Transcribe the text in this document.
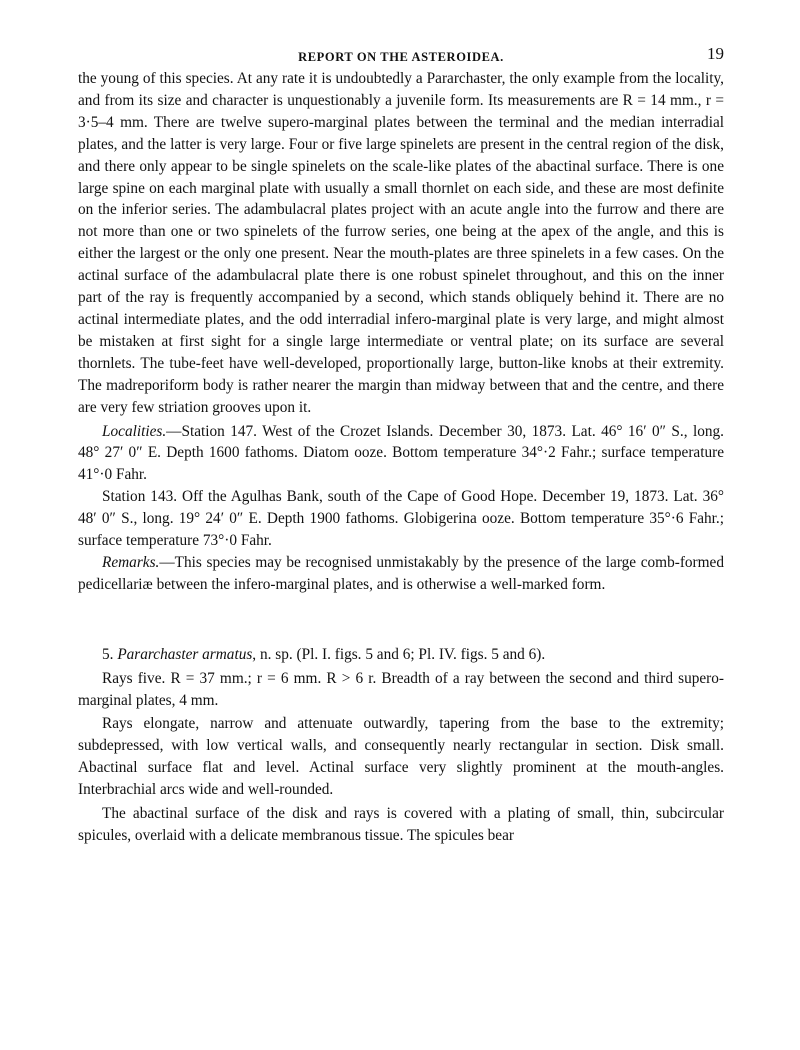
REPORT ON THE ASTEROIDEA.	19

the young of this species. At any rate it is undoubtedly a Pararchaster, the only example from the locality, and from its size and character is unquestionably a juvenile form. Its measurements are R = 14 mm., r = 3·5–4 mm. There are twelve supero-marginal plates between the terminal and the median interradial plates, and the latter is very large. Four or five large spinelets are present in the central region of the disk, and there only appear to be single spinelets on the scale-like plates of the abactinal surface. There is one large spine on each marginal plate with usually a small thornlet on each side, and these are most definite on the inferior series. The adambulacral plates project with an acute angle into the furrow and there are not more than one or two spinelets of the furrow series, one being at the apex of the angle, and this is either the largest or the only one present. Near the mouth-plates are three spinelets in a few cases. On the actinal surface of the adambulacral plate there is one robust spinelet throughout, and this on the inner part of the ray is frequently accompanied by a second, which stands obliquely behind it. There are no actinal intermediate plates, and the odd interradial infero-marginal plate is very large, and might almost be mistaken at first sight for a single large intermediate or ventral plate; on its surface are several thornlets. The tube-feet have well-developed, proportionally large, button-like knobs at their extremity. The madreporiform body is rather nearer the margin than midway between that and the centre, and there are very few striation grooves upon it.

Localities.—Station 147. West of the Crozet Islands. December 30, 1873. Lat. 46° 16′ 0″ S., long. 48° 27′ 0″ E. Depth 1600 fathoms. Diatom ooze. Bottom temperature 34°·2 Fahr.; surface temperature 41°·0 Fahr.

Station 143. Off the Agulhas Bank, south of the Cape of Good Hope. December 19, 1873. Lat. 36° 48′ 0″ S., long. 19° 24′ 0″ E. Depth 1900 fathoms. Globigerina ooze. Bottom temperature 35°·6 Fahr.; surface temperature 73°·0 Fahr.

Remarks.—This species may be recognised unmistakably by the presence of the large comb-formed pedicellariæ between the infero-marginal plates, and is otherwise a well-marked form.

5. Pararchaster armatus, n. sp. (Pl. I. figs. 5 and 6; Pl. IV. figs. 5 and 6).

Rays five. R = 37 mm.; r = 6 mm. R > 6 r. Breadth of a ray between the second and third supero-marginal plates, 4 mm.

Rays elongate, narrow and attenuate outwardly, tapering from the base to the extremity; subdepressed, with low vertical walls, and consequently nearly rectangular in section. Disk small. Abactinal surface flat and level. Actinal surface very slightly prominent at the mouth-angles. Interbrachial arcs wide and well-rounded.

The abactinal surface of the disk and rays is covered with a plating of small, thin, subcircular spicules, overlaid with a delicate membranous tissue. The spicules bear
